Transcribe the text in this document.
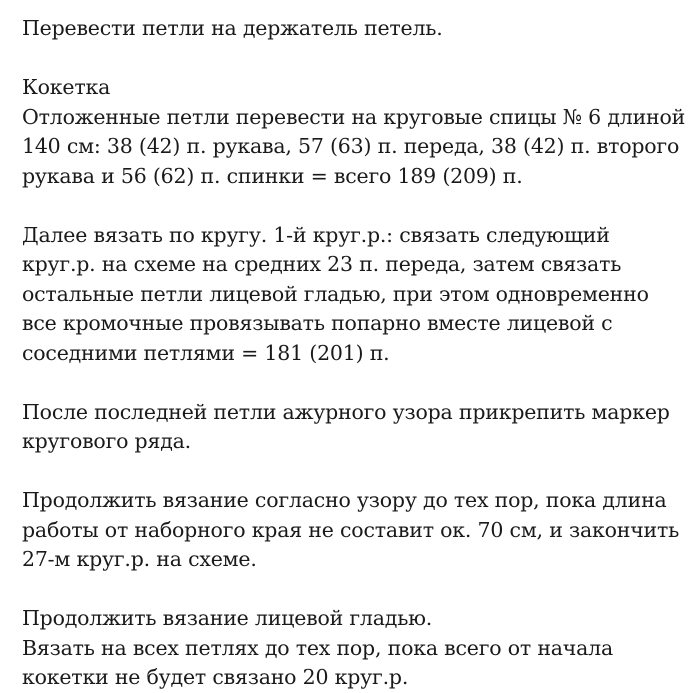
Перевести петли на держатель петель.

Кокетка
Отложенные петли перевести на круговые спицы № 6 длиной
140 см: 38 (42) п. рукава, 57 (63) п. переда, 38 (42) п. второго
рукава и 56 (62) п. спинки = всего 189 (209) п.

Далее вязать по кругу. 1-й круг.р.: связать следующий
круг.р. на схеме на средних 23 п. переда, затем связать
остальные петли лицевой гладью, при этом одновременно
все кромочные провязывать попарно вместе лицевой с
соседними петлями = 181 (201) п.

После последней петли ажурного узора прикрепить маркер
кругового ряда.

Продолжить вязание согласно узору до тех пор, пока длина
работы от наборного края не составит ок. 70 см, и закончить
27-м круг.р. на схеме.

Продолжить вязание лицевой гладью.
Вязать на всех петлях до тех пор, пока всего от начала
кокетки не будет связано 20 круг.р.
